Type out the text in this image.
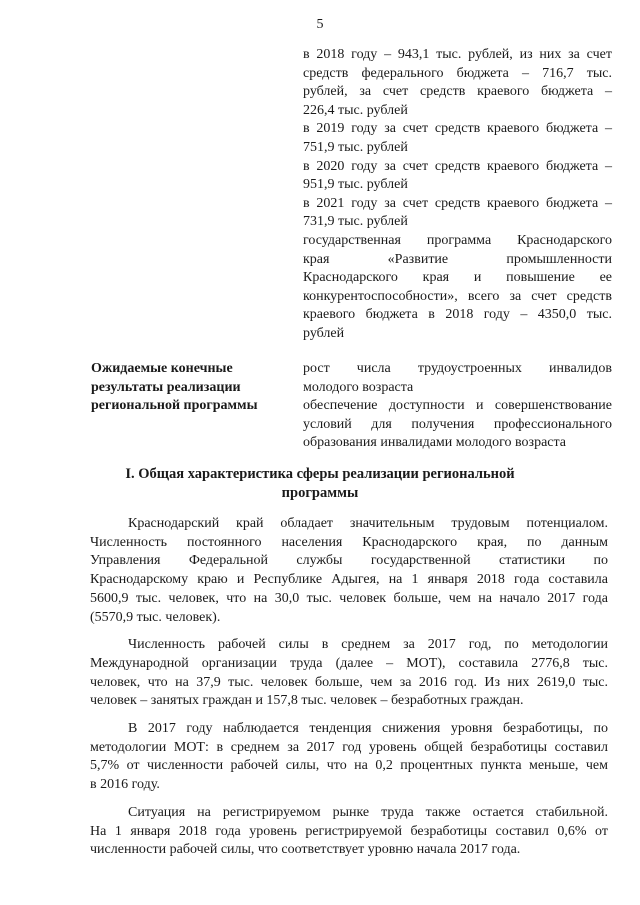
5
в 2018 году – 943,1 тыс. рублей, из них за счет
средств федерального бюджета – 716,7 тыс.
рублей, за счет средств краевого бюджета –
226,4 тыс. рублей
в 2019 году за счет средств краевого бюджета –
751,9 тыс. рублей
в 2020 году за счет средств краевого бюджета –
951,9 тыс. рублей
в 2021 году за счет средств краевого бюджета –
731,9 тыс. рублей
государственная программа Краснодарского
края «Развитие промышленности
Краснодарского края и повышение ее
конкурентоспособности», всего за счет средств
краевого бюджета в 2018 году – 4350,0 тыс.
рублей
Ожидаемые конечные
результаты реализации
региональной программы
рост числа трудоустроенных инвалидов
молодого возраста
обеспечение доступности и совершенствование
условий для получения профессионального
образования инвалидами молодого возраста
I. Общая характеристика сферы реализации региональной
программы
Краснодарский край обладает значительным трудовым потенциалом.
Численность постоянного населения Краснодарского края, по данным
Управления Федеральной службы государственной статистики по
Краснодарскому краю и Республике Адыгея, на 1 января 2018 года составила
5600,9 тыс. человек, что на 30,0 тыс. человек больше, чем на начало 2017 года
(5570,9 тыс. человек).
Численность рабочей силы в среднем за 2017 год, по методологии
Международной организации труда (далее – МОТ), составила 2776,8 тыс.
человек, что на 37,9 тыс. человек больше, чем за 2016 год. Из них 2619,0 тыс.
человек – занятых граждан и 157,8 тыс. человек – безработных граждан.
В 2017 году наблюдается тенденция снижения уровня безработицы, по
методологии МОТ: в среднем за 2017 год уровень общей безработицы составил
5,7% от численности рабочей силы, что на 0,2 процентных пункта меньше, чем
в 2016 году.
Ситуация на регистрируемом рынке труда также остается стабильной.
На 1 января 2018 года уровень регистрируемой безработицы составил 0,6% от
численности рабочей силы, что соответствует уровню начала 2017 года.
